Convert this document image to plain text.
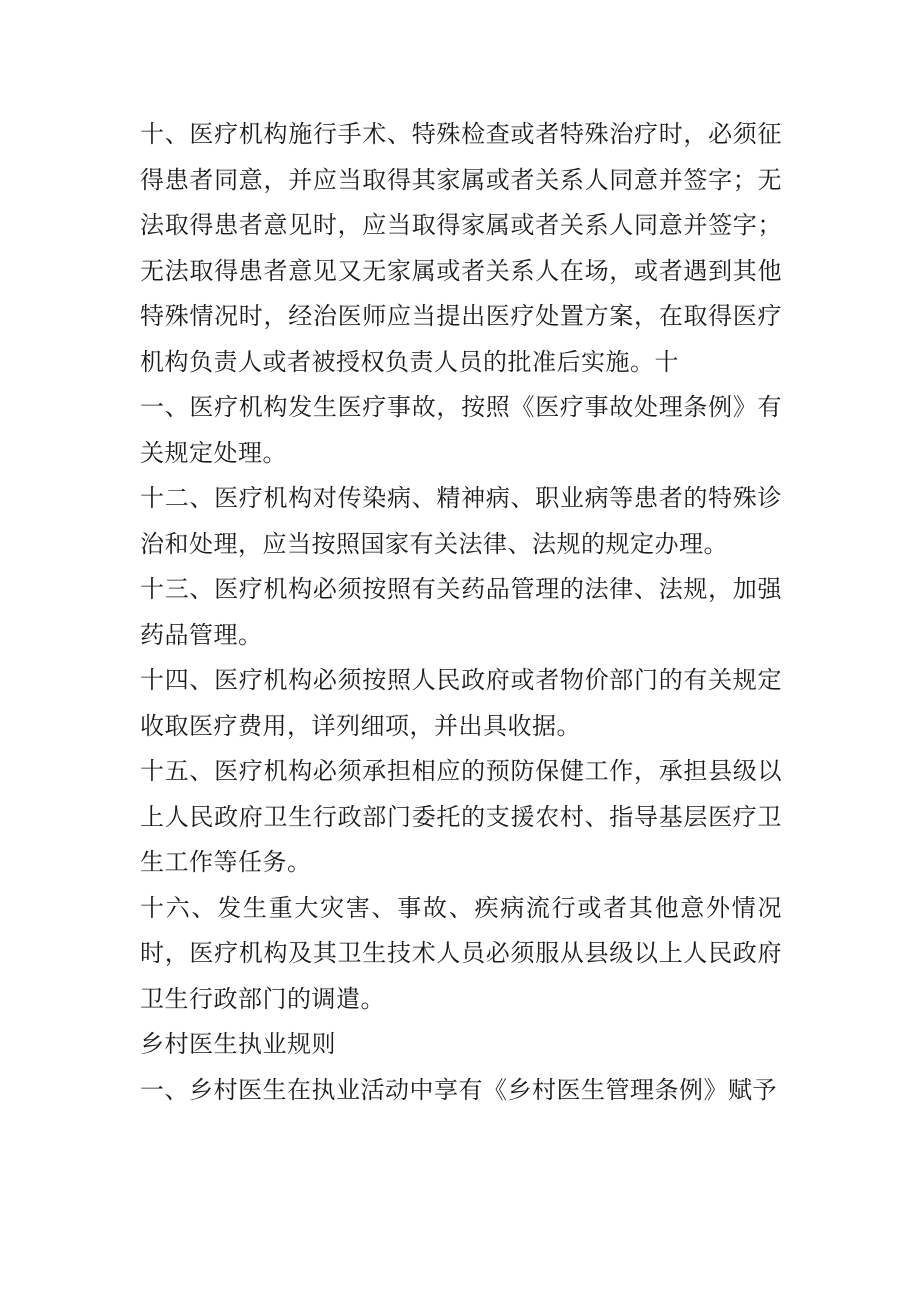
十、医疗机构施行手术、特殊检查或者特殊治疗时，必须征得患者同意，并应当取得其家属或者关系人同意并签字；无法取得患者意见时，应当取得家属或者关系人同意并签字；无法取得患者意见又无家属或者关系人在场，或者遇到其他特殊情况时，经治医师应当提出医疗处置方案，在取得医疗机构负责人或者被授权负责人员的批准后实施。十

一、医疗机构发生医疗事故，按照《医疗事故处理条例》有关规定处理。

十二、医疗机构对传染病、精神病、职业病等患者的特殊诊治和处理，应当按照国家有关法律、法规的规定办理。

十三、医疗机构必须按照有关药品管理的法律、法规，加强药品管理。

十四、医疗机构必须按照人民政府或者物价部门的有关规定收取医疗费用，详列细项，并出具收据。

十五、医疗机构必须承担相应的预防保健工作，承担县级以上人民政府卫生行政部门委托的支援农村、指导基层医疗卫生工作等任务。

十六、发生重大灾害、事故、疾病流行或者其他意外情况时，医疗机构及其卫生技术人员必须服从县级以上人民政府卫生行政部门的调遣。

乡村医生执业规则

一、乡村医生在执业活动中享有《乡村医生管理条例》赋予
